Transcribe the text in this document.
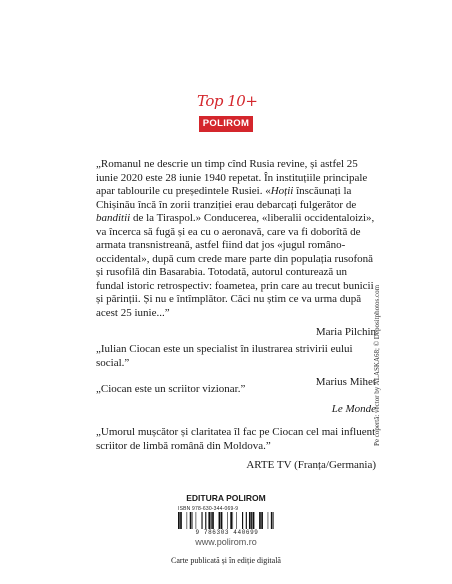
Top 10+
POLIROM

„Romanul ne descrie un timp cînd Rusia revine, și astfel 25 iunie 2020 este 28 iunie 1940 repetat. În instituțiile principale apar tablourile cu președintele Rusiei. «Hoții înscăunați la Chișinău încă în zorii tranziției erau debarcați fulgerător de banditii de la Tiraspol.» Conducerea, «liberalii occidentaloizi», va încerca să fugă și ea cu o aeronavă, care va fi doborîtă de armata transnistreană, astfel fiind dat jos «jugul româno-occidental», după cum crede mare parte din populația rusofonă și rusofilă din Basarabia. Totodată, autorul conturează un fundal istoric retrospectiv: foametea, prin care au trecut bunicii și părinții. Și nu e întîmplător. Căci nu știm ce va urma după acest 25 iunie...”

Maria Pilchin

„Iulian Ciocan este un specialist în ilustrarea strivirii eului social.”

Marius Mihet

„Ciocan este un scriitor vizionar.”

Le Monde

„Umorul mușcător și claritatea îl fac pe Ciocan cel mai influent scriitor de limbă română din Moldova.”

ARTE TV (Franța/Germania)

EDITURA POLIROM
ISBN 978-630-344-069-9
9 786303 440699
www.polirom.ro
Carte publicată și în ediție digitală
Pe copertă: vector by ALASKA68; © Depositphotos.com
